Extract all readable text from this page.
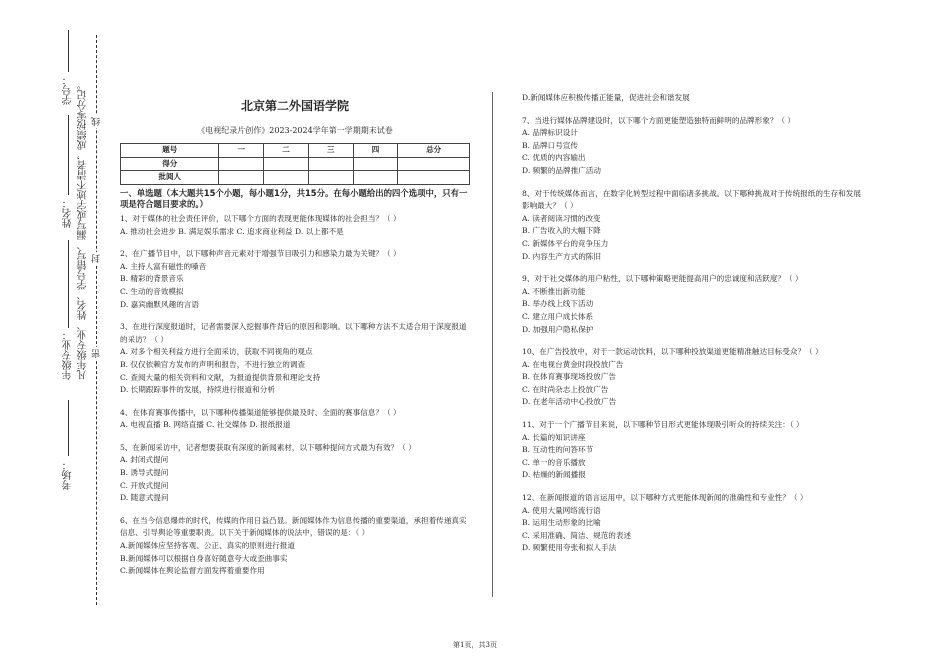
学号：
姓名：
年级专业：
考场：
凡年级专业、姓名、学号错写、漏写或字迹不清者，成绩按零分记。 密
封
线
北京第二外国语学院
《电视纪录片创作》2023-2024学年第一学期期末试卷
题号	一	二	三	四	总分
得分					
批阅人					
一、单选题（本大题共15个小题，每小题1分，共15分。在每小题给出的四个选项中，只有一项是符合题目要求的。）

1、对于媒体的社会责任评价，以下哪个方面的表现更能体现媒体的社会担当？（ ）

A. 推动社会进步 B. 满足娱乐需求 C. 追求商业利益 D. 以上都不是

2、在广播节目中，以下哪种声音元素对于增强节目吸引力和感染力最为关键？（ ）

A. 主持人富有磁性的嗓音

B. 精彩的背景音乐

C. 生动的音效模拟

D. 嘉宾幽默风趣的言语

3、在进行深度报道时，记者需要深入挖掘事件背后的原因和影响。以下哪种方法不太适合用于深度报道的采访？（ ）

A. 对多个相关利益方进行全面采访，获取不同视角的观点

B. 仅仅依赖官方发布的声明和报告，不进行独立的调查

C. 查阅大量的相关资料和文献，为报道提供背景和理论支持

D. 长期跟踪事件的发展，持续进行报道和分析

4、在体育赛事传播中，以下哪种传播渠道能够提供最及时、全面的赛事信息？（ ）

A. 电视直播 B. 网络直播 C. 社交媒体 D. 报纸报道

5、在新闻采访中，记者想要获取有深度的新闻素材，以下哪种提问方式最为有效？（ ）

A. 封闭式提问

B. 诱导式提问

C. 开放式提问

D. 随意式提问

6、在当今信息爆炸的时代，传媒的作用日益凸显。新闻媒体作为信息传播的重要渠道，承担着传递真实信息、引导舆论等重要职责。以下关于新闻媒体的说法中，错误的是：（ ）

A.新闻媒体应坚持客观、公正、真实的原则进行报道

B.新闻媒体可以根据自身喜好随意夸大或歪曲事实

C.新闻媒体在舆论监督方面发挥着重要作用

D.新闻媒体应积极传播正能量，促进社会和谐发展

7、当进行媒体品牌建设时，以下哪个方面更能塑造独特而鲜明的品牌形象？（ ）

A. 品牌标识设计

B. 品牌口号宣传

C. 优质的内容输出

D. 频繁的品牌推广活动

8、对于传统媒体而言，在数字化转型过程中面临诸多挑战。以下哪种挑战对于传统报纸的生存和发展影响最大？（ ）

A. 读者阅读习惯的改变

B. 广告收入的大幅下降

C. 新媒体平台的竞争压力

D. 内容生产方式的陈旧

9、对于社交媒体的用户粘性，以下哪种策略更能提高用户的忠诚度和活跃度？（ ）

A. 不断推出新功能

B. 举办线上线下活动

C. 建立用户成长体系

D. 加强用户隐私保护

10、在广告投放中，对于一款运动饮料，以下哪种投放渠道更能精准触达目标受众？（ ）

A. 在电视台黄金时段投放广告

B. 在体育赛事现场投放广告

C. 在时尚杂志上投放广告

D. 在老年活动中心投放广告

11、对于一个广播节目来说，以下哪种节目形式更能体现吸引听众的持续关注：（ ）

A. 长篇的知识讲座

B. 互动性的问答环节

C. 单一的音乐播放

D. 枯燥的新闻播报

12、在新闻报道的语言运用中，以下哪种方式更能体现新闻的准确性和专业性？（ ）

A. 使用大量网络流行语

B. 运用生动形象的比喻

C. 采用准确、简洁、规范的表述

D. 频繁使用夸张和拟人手法

第1页，共3页
